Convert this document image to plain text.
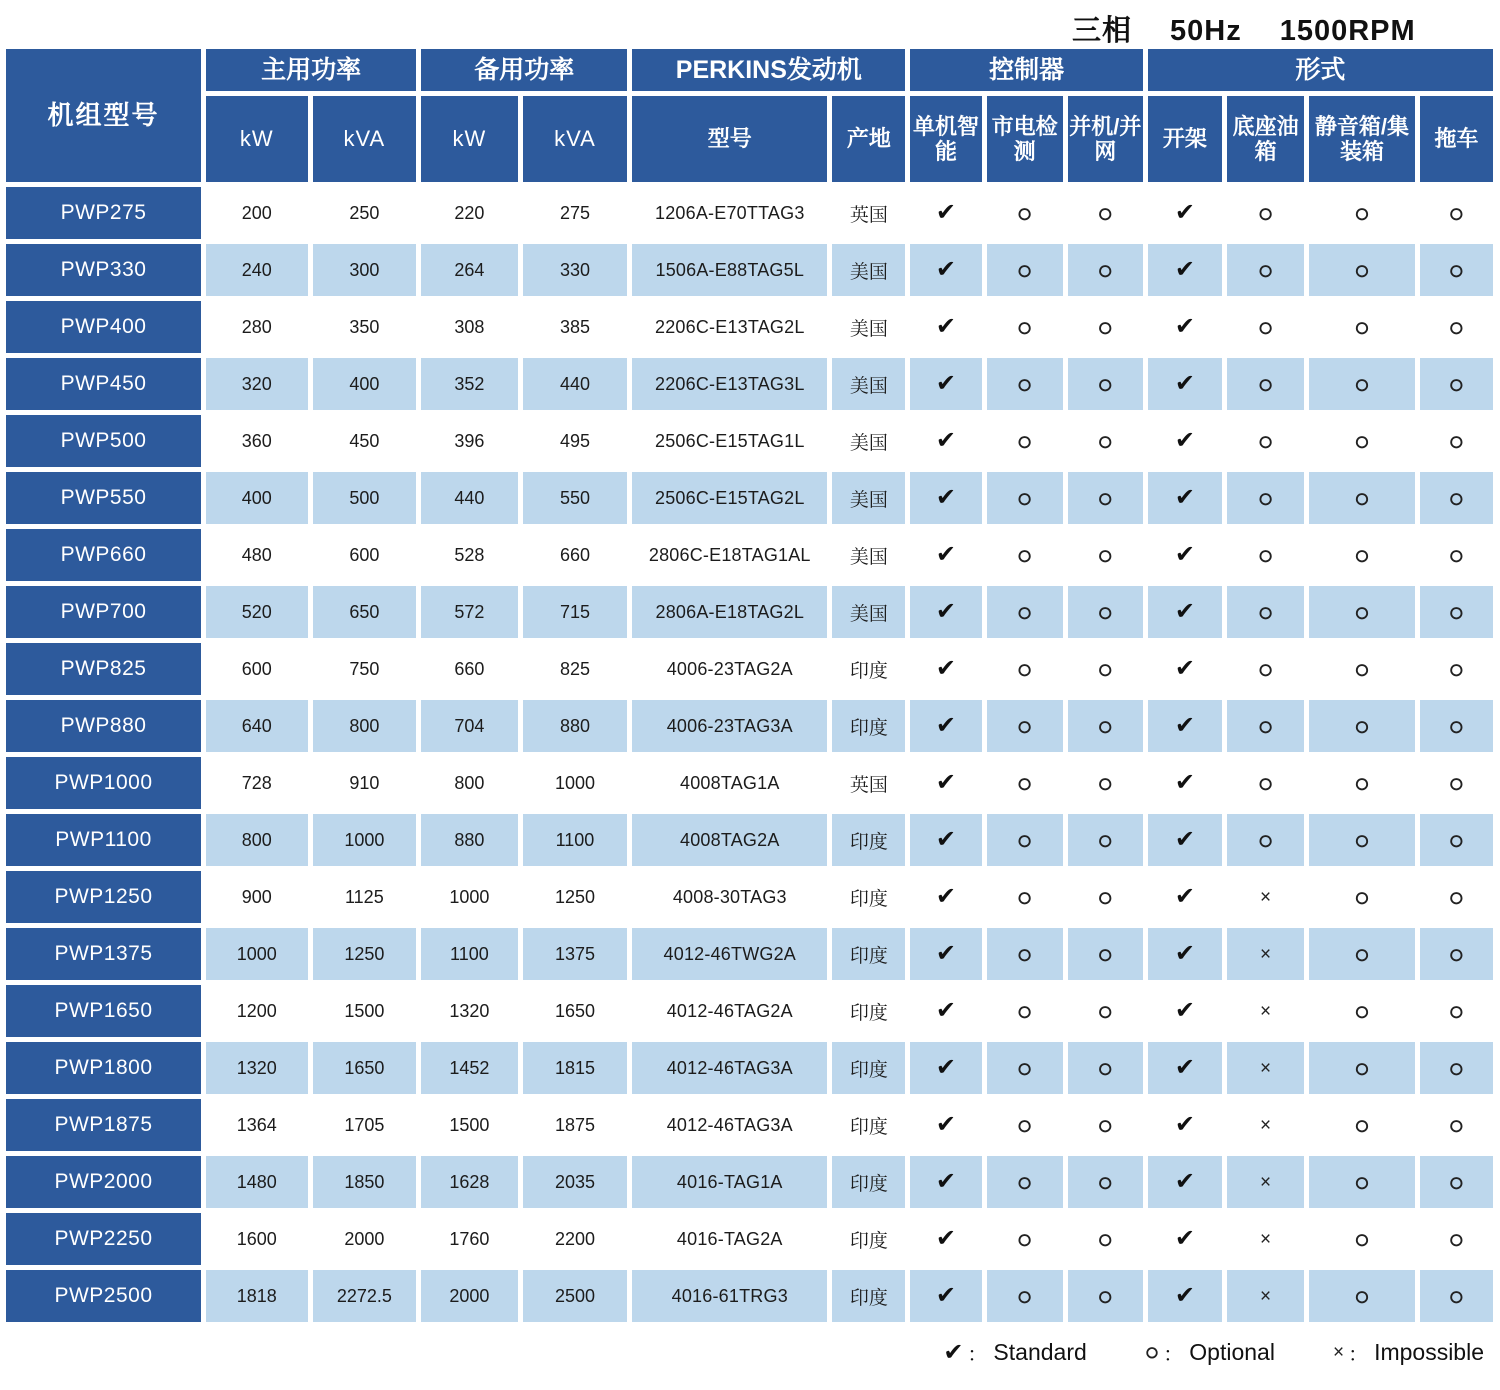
三相 50Hz 1500RPM
机组型号	主用功率		备用功率		PERKINS发动机		控制器			形式			
	kW	kVA	kW	kVA	型号	产地	单机智能	市电检测	并机/并网	开架	底座油箱	静音箱/集装箱	拖车
PWP275	200	250	220	275	1206A-E70TTAG3	英国	✔	○	○	✔	○	○	○
PWP330	240	300	264	330	1506A-E88TAG5L	美国	✔	○	○	✔	○	○	○
PWP400	280	350	308	385	2206C-E13TAG2L	美国	✔	○	○	✔	○	○	○
PWP450	320	400	352	440	2206C-E13TAG3L	美国	✔	○	○	✔	○	○	○
PWP500	360	450	396	495	2506C-E15TAG1L	美国	✔	○	○	✔	○	○	○
PWP550	400	500	440	550	2506C-E15TAG2L	美国	✔	○	○	✔	○	○	○
PWP660	480	600	528	660	2806C-E18TAG1AL	美国	✔	○	○	✔	○	○	○
PWP700	520	650	572	715	2806A-E18TAG2L	美国	✔	○	○	✔	○	○	○
PWP825	600	750	660	825	4006-23TAG2A	印度	✔	○	○	✔	○	○	○
PWP880	640	800	704	880	4006-23TAG3A	印度	✔	○	○	✔	○	○	○
PWP1000	728	910	800	1000	4008TAG1A	英国	✔	○	○	✔	○	○	○
PWP1100	800	1000	880	1100	4008TAG2A	印度	✔	○	○	✔	○	○	○
PWP1250	900	1125	1000	1250	4008-30TAG3	印度	✔	○	○	✔	×	○	○
PWP1375	1000	1250	1100	1375	4012-46TWG2A	印度	✔	○	○	✔	×	○	○
PWP1650	1200	1500	1320	1650	4012-46TAG2A	印度	✔	○	○	✔	×	○	○
PWP1800	1320	1650	1452	1815	4012-46TAG3A	印度	✔	○	○	✔	×	○	○
PWP1875	1364	1705	1500	1875	4012-46TAG3A	印度	✔	○	○	✔	×	○	○
PWP2000	1480	1850	1628	2035	4016-TAG1A	印度	✔	○	○	✔	×	○	○
PWP2250	1600	2000	1760	2200	4016-TAG2A	印度	✔	○	○	✔	×	○	○
PWP2500	1818	2272.5	2000	2500	4016-61TRG3	印度	✔	○	○	✔	×	○	○
✔ ： Standard ○ ： Optional	× ： Impossible
